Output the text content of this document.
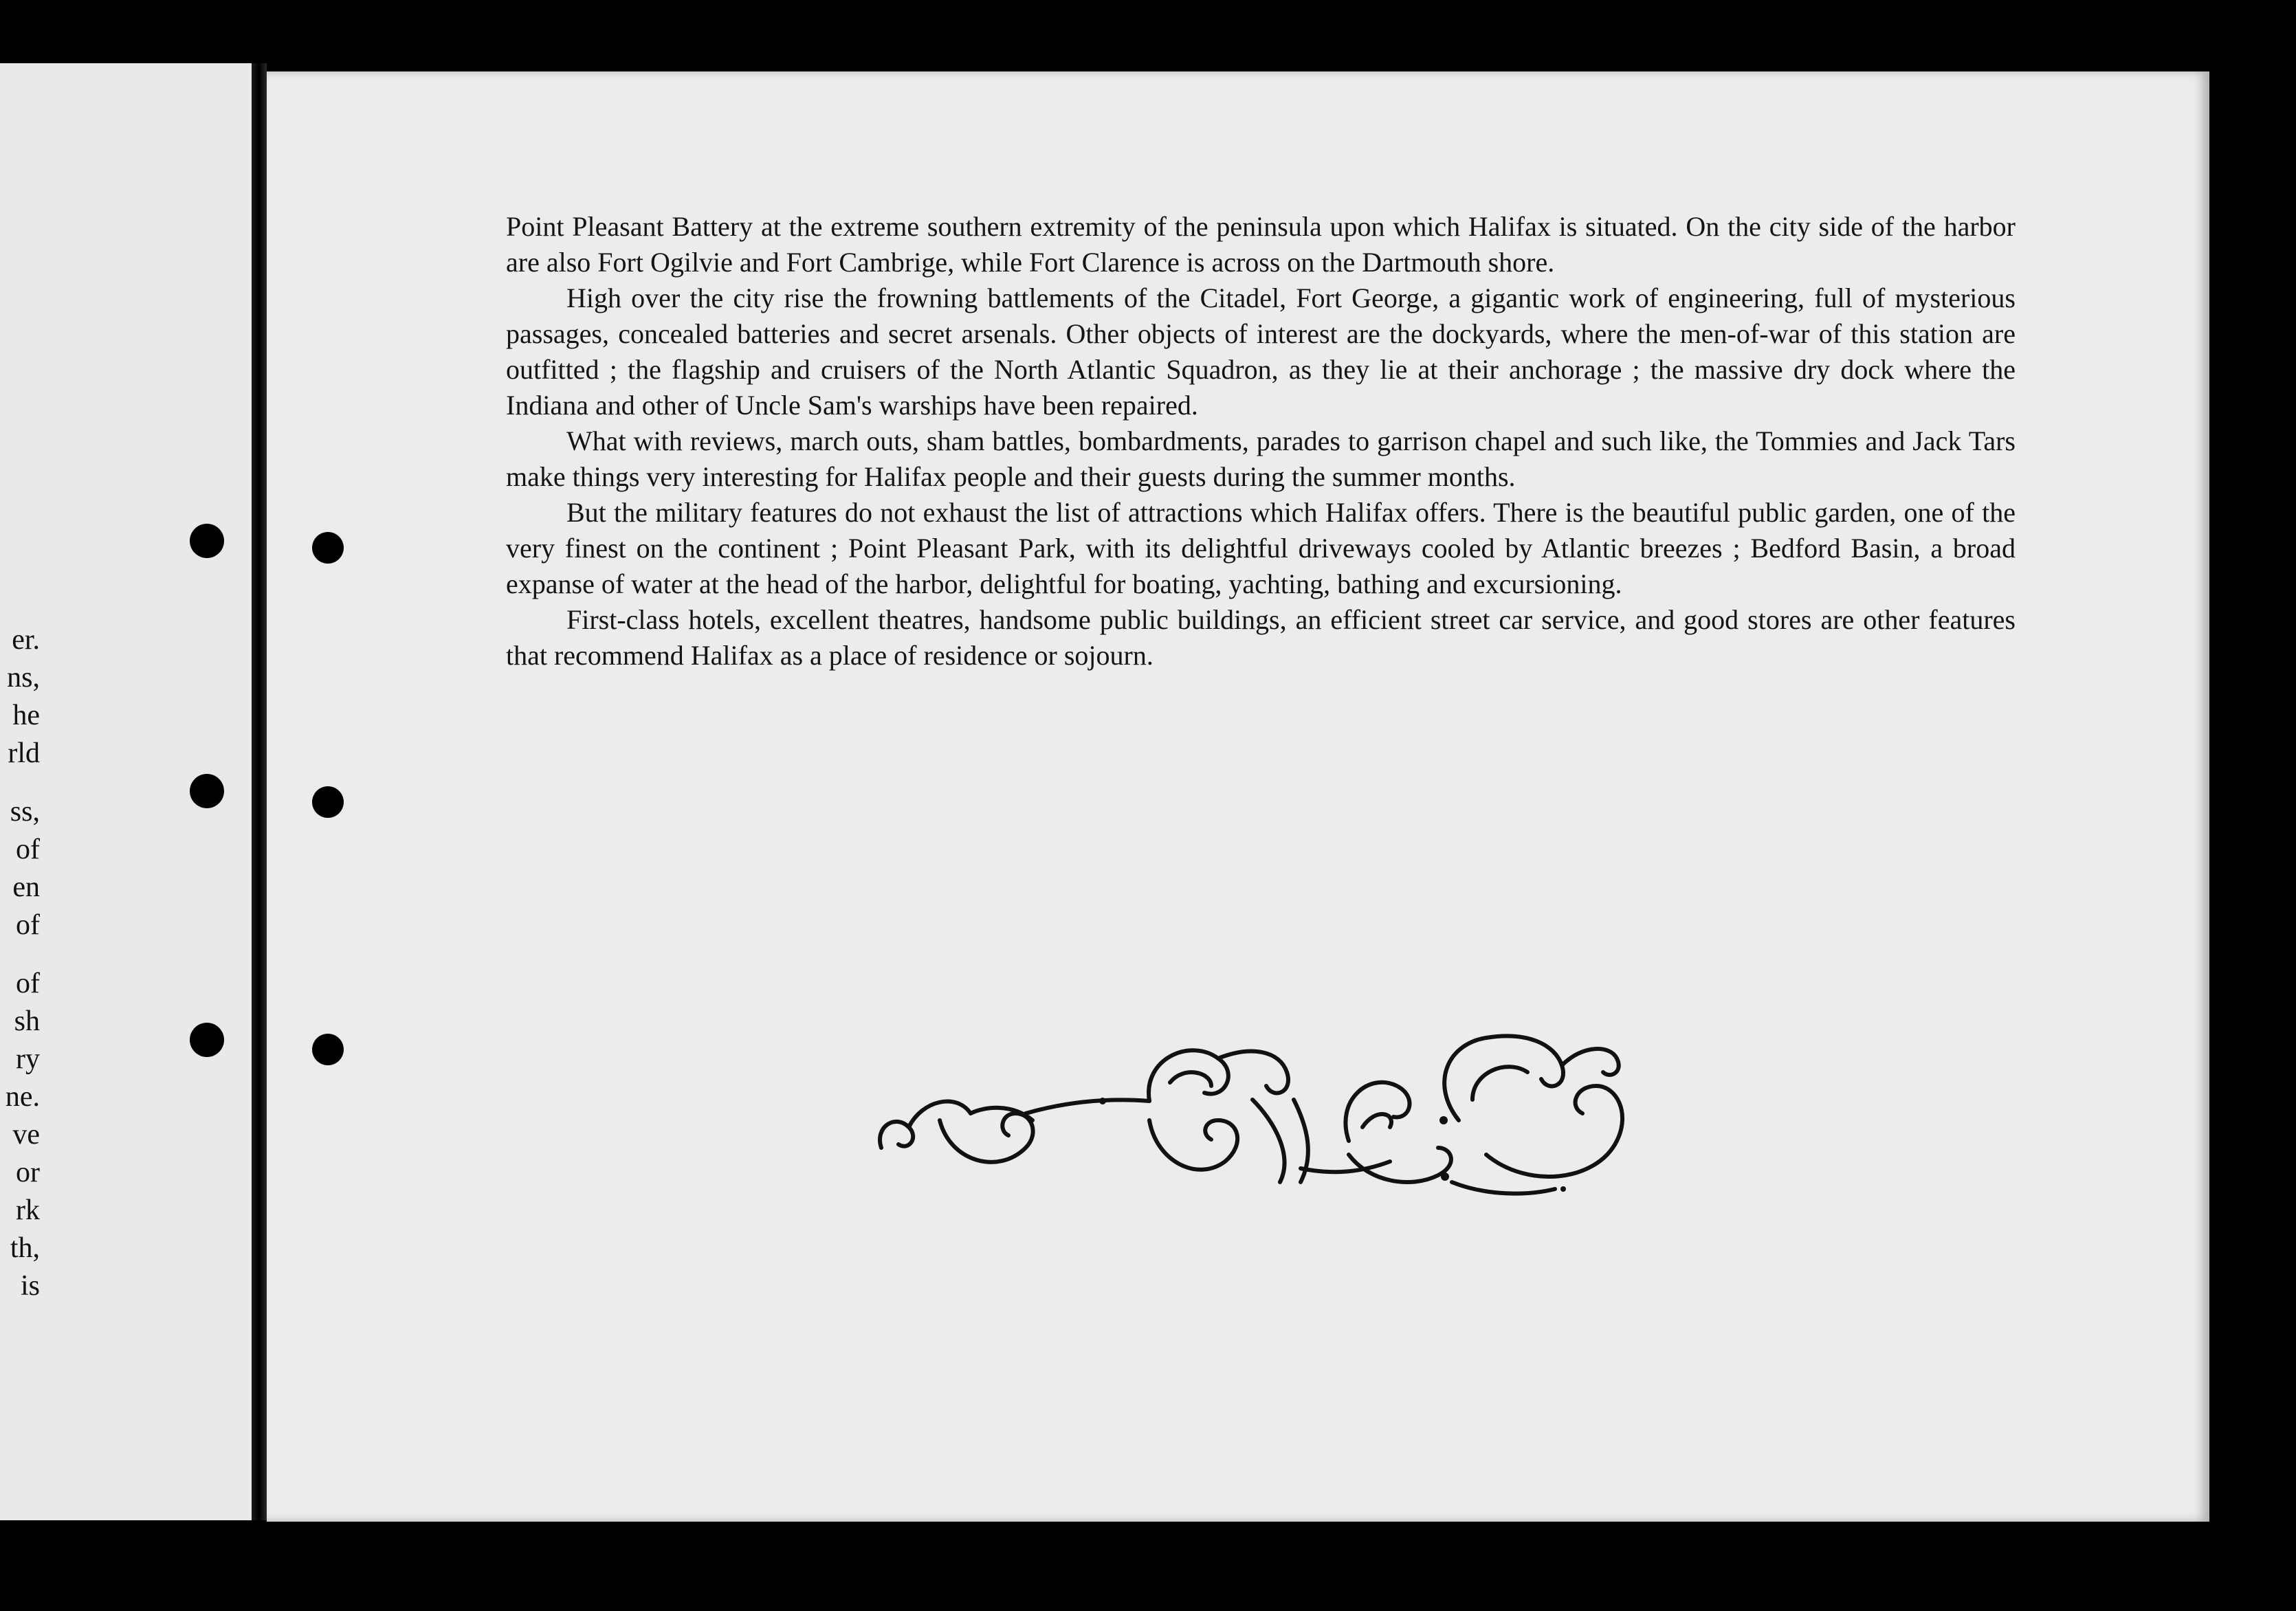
er.
ns,
he
rld
ss,
of
en
of
of
sh
ry
ne.
ve
or
rk
th,
is

Point Pleasant Battery at the extreme southern extremity of the peninsula upon which Halifax is situated. On the city side of the harbor are also Fort Ogilvie and Fort Cambrige, while Fort Clarence is across on the Dartmouth shore.

High over the city rise the frowning battlements of the Citadel, Fort George, a gigantic work of engineering, full of mysterious passages, concealed batteries and secret arsenals. Other objects of interest are the dockyards, where the men-of-war of this station are outfitted ; the flagship and cruisers of the North Atlantic Squadron, as they lie at their anchorage ; the massive dry dock where the Indiana and other of Uncle Sam's warships have been repaired.

What with reviews, march outs, sham battles, bombardments, parades to garrison chapel and such like, the Tommies and Jack Tars make things very interesting for Halifax people and their guests during the summer months.

But the military features do not exhaust the list of attractions which Halifax offers. There is the beautiful public garden, one of the very finest on the continent ; Point Pleasant Park, with its delightful driveways cooled by Atlantic breezes ; Bedford Basin, a broad expanse of water at the head of the harbor, delightful for boating, yachting, bathing and excursioning.

First-class hotels, excellent theatres, handsome public buildings, an efficient street car service, and good stores are other features that recommend Halifax as a place of residence or sojourn.
